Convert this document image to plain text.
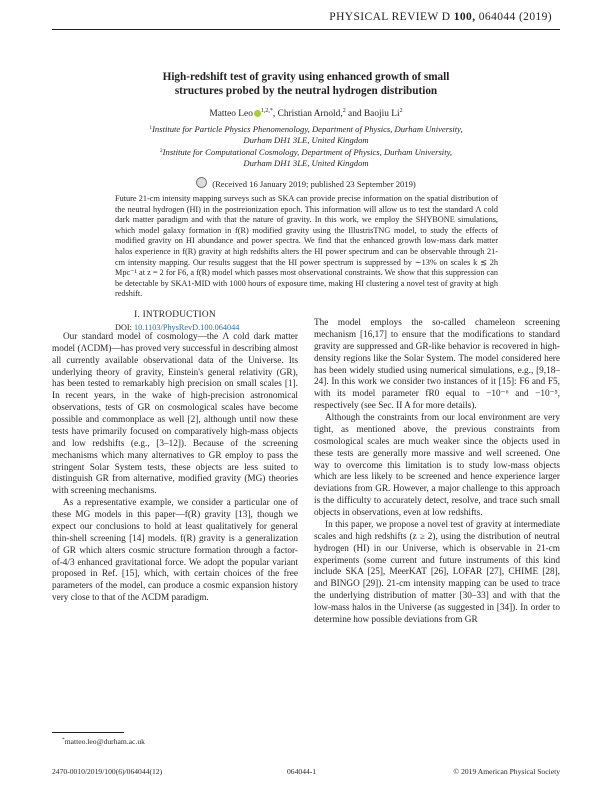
PHYSICAL REVIEW D 100, 064044 (2019)
High-redshift test of gravity using enhanced growth of small
structures probed by the neutral hydrogen distribution
Matteo Leo $^{1,2,*}$, Christian Arnold,$^2$ and Baojiu Li$^2$
$^1$Institute for Particle Physics Phenomenology, Department of Physics, Durham University,
Durham DH1 3LE, United Kingdom
$^2$Institute for Computational Cosmology, Department of Physics, Durham University,
Durham DH1 3LE, United Kingdom
(Received 16 January 2019; published 23 September 2019)
Future 21-cm intensity mapping surveys such as SKA can provide precise information on the spatial distribution of the neutral hydrogen (HI) in the postreionization epoch. This information will allow us to test the standard Λ cold dark matter paradigm and with that the nature of gravity. In this work, we employ the SHYBONE simulations, which model galaxy formation in f(R) modified gravity using the IllustrisTNG model, to study the effects of modified gravity on HI abundance and power spectra. We find that the enhanced growth low-mass dark matter halos experience in f(R) gravity at high redshifts alters the HI power spectrum and can be observable through 21-cm intensity mapping. Our results suggest that the HI power spectrum is suppressed by ∼13% on scales k ≲ 2h Mpc⁻¹ at z = 2 for F6, a f(R) model which passes most observational constraints. We show that this suppression can be detectable by SKA1-MID with 1000 hours of exposure time, making HI clustering a novel test of gravity at high redshift.
DOI: 10.1103/PhysRevD.100.064044
I. INTRODUCTION

Our standard model of cosmology—the Λ cold dark matter model (ΛCDM)—has proved very successful in describing almost all currently available observational data of the Universe. Its underlying theory of gravity, Einstein's general relativity (GR), has been tested to remarkably high precision on small scales [1]. In recent years, in the wake of high-precision astronomical observations, tests of GR on cosmological scales have become possible and commonplace as well [2], although until now these tests have primarily focused on comparatively high-mass objects and low redshifts (e.g., [3–12]). Because of the screening mechanisms which many alternatives to GR employ to pass the stringent Solar System tests, these objects are less suited to distinguish GR from alternative, modified gravity (MG) theories with screening mechanisms.

As a representative example, we consider a particular one of these MG models in this paper—f(R) gravity [13], though we expect our conclusions to hold at least qualitatively for general thin-shell screening [14] models. f(R) gravity is a generalization of GR which alters cosmic structure formation through a factor-of-4/3 enhanced gravitational force. We adopt the popular variant proposed in Ref. [15], which, with certain choices of the free parameters of the model, can produce a cosmic expansion history very close to that of the ΛCDM paradigm.

The model employs the so-called chameleon screening mechanism [16,17] to ensure that the modifications to standard gravity are suppressed and GR-like behavior is recovered in high-density regions like the Solar System. The model considered here has been widely studied using numerical simulations, e.g., [9,18–24]. In this work we consider two instances of it [15]: F6 and F5, with its model parameter fR0 equal to −10⁻⁶ and −10⁻⁵, respectively (see Sec. II A for more details).

Although the constraints from our local environment are very tight, as mentioned above, the previous constraints from cosmological scales are much weaker since the objects used in these tests are generally more massive and well screened. One way to overcome this limitation is to study low-mass objects which are less likely to be screened and hence experience larger deviations from GR. However, a major challenge to this approach is the difficulty to accurately detect, resolve, and trace such small objects in observations, even at low redshifts.

In this paper, we propose a novel test of gravity at intermediate scales and high redshifts (z ≥ 2), using the distribution of neutral hydrogen (HI) in our Universe, which is observable in 21-cm experiments (some current and future instruments of this kind include SKA [25], MeerKAT [26], LOFAR [27], CHIME [28], and BINGO [29]). 21-cm intensity mapping can be used to trace the underlying distribution of matter [30–33] and with that the low-mass halos in the Universe (as suggested in [34]). In order to determine how possible deviations from GR

*matteo.leo@durham.ac.uk
2470-0010/2019/100(6)/064044(12)	064044-1	© 2019 American Physical Society
